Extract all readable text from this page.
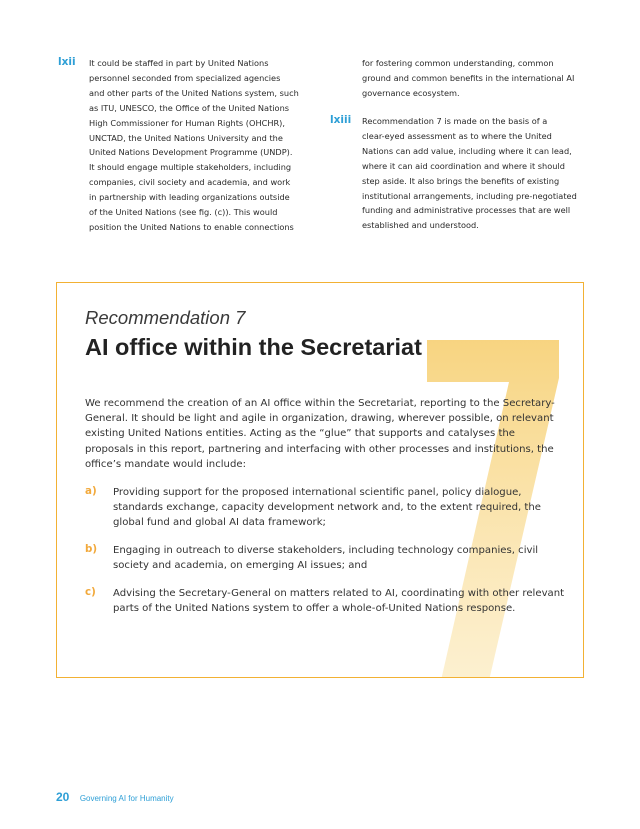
lxii It could be staffed in part by United Nations
personnel seconded from specialized agencies
and other parts of the United Nations system, such
as ITU, UNESCO, the Office of the United Nations
High Commissioner for Human Rights (OHCHR),
UNCTAD, the United Nations University and the
United Nations Development Programme (UNDP).
It should engage multiple stakeholders, including
companies, civil society and academia, and work
in partnership with leading organizations outside
of the United Nations (see fig. (c)). This would
position the United Nations to enable connections
for fostering common understanding, common
ground and common benefits in the international AI
governance ecosystem.
lxiii Recommendation 7 is made on the basis of a
clear-eyed assessment as to where the United
Nations can add value, including where it can lead,
where it can aid coordination and where it should
step aside. It also brings the benefits of existing
institutional arrangements, including pre-negotiated
funding and administrative processes that are well
established and understood.
Recommendation 7
AI office within the Secretariat
We recommend the creation of an AI office within the Secretariat, reporting to the Secretary-
General. It should be light and agile in organization, drawing, wherever possible, on relevant
existing United Nations entities. Acting as the “glue” that supports and catalyses the
proposals in this report, partnering and interfacing with other processes and institutions, the
office’s mandate would include:
a) Providing support for the proposed international scientific panel, policy dialogue,
standards exchange, capacity development network and, to the extent required, the
global fund and global AI data framework;
b) Engaging in outreach to diverse stakeholders, including technology companies, civil
society and academia, on emerging AI issues; and
c) Advising the Secretary-General on matters related to AI, coordinating with other relevant
parts of the United Nations system to offer a whole-of-United Nations response.
20 Governing AI for Humanity
